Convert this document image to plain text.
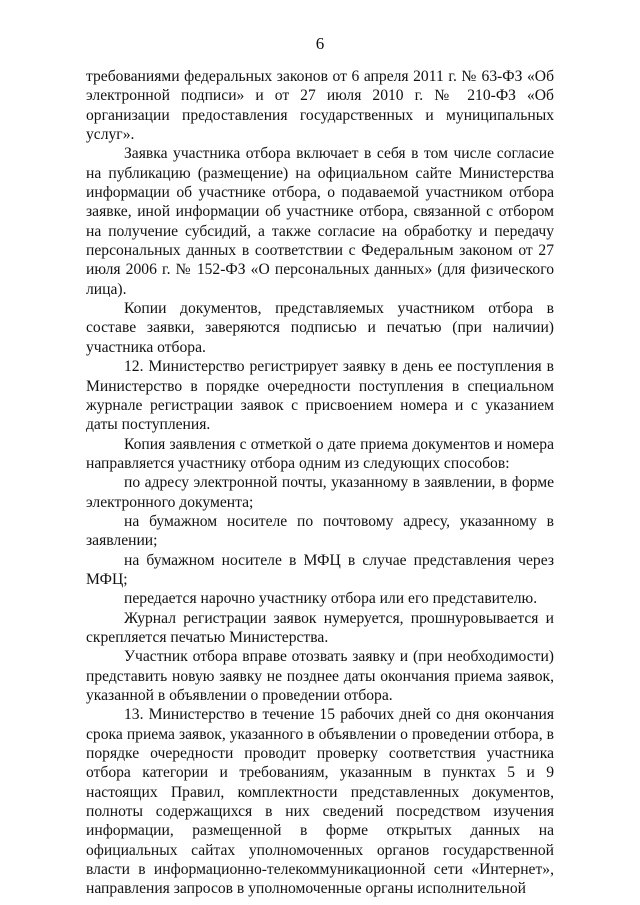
6

требованиями федеральных законов от 6 апреля 2011 г. № 63-ФЗ «Об электронной подписи» и от 27 июля 2010 г. № 210-ФЗ «Об организации предоставления государственных и муниципальных услуг».

Заявка участника отбора включает в себя в том числе согласие на публикацию (размещение) на официальном сайте Министерства информации об участнике отбора, о подаваемой участником отбора заявке, иной информации об участнике отбора, связанной с отбором на получение субсидий, а также согласие на обработку и передачу персональных данных в соответствии с Федеральным законом от 27 июля 2006 г. № 152-ФЗ «О персональных данных» (для физического лица).

Копии документов, представляемых участником отбора в составе заявки, заверяются подписью и печатью (при наличии) участника отбора.

12. Министерство регистрирует заявку в день ее поступления в Министерство в порядке очередности поступления в специальном журнале регистрации заявок с присвоением номера и с указанием даты поступления.

Копия заявления с отметкой о дате приема документов и номера направляется участнику отбора одним из следующих способов:

по адресу электронной почты, указанному в заявлении, в форме электронного документа;

на бумажном носителе по почтовому адресу, указанному в заявлении;

на бумажном носителе в МФЦ в случае представления через МФЦ;

передается нарочно участнику отбора или его представителю.

Журнал регистрации заявок нумеруется, прошнуровывается и скрепляется печатью Министерства.

Участник отбора вправе отозвать заявку и (при необходимости) представить новую заявку не позднее даты окончания приема заявок, указанной в объявлении о проведении отбора.

13. Министерство в течение 15 рабочих дней со дня окончания срока приема заявок, указанного в объявлении о проведении отбора, в порядке очередности проводит проверку соответствия участника отбора категории и требованиям, указанным в пунктах 5 и 9 настоящих Правил, комплектности представленных документов, полноты содержащихся в них сведений посредством изучения информации, размещенной в форме открытых данных на официальных сайтах уполномоченных органов государственной власти в информационно-телекоммуникационной сети «Интернет», направления запросов в уполномоченные органы исполнительной
